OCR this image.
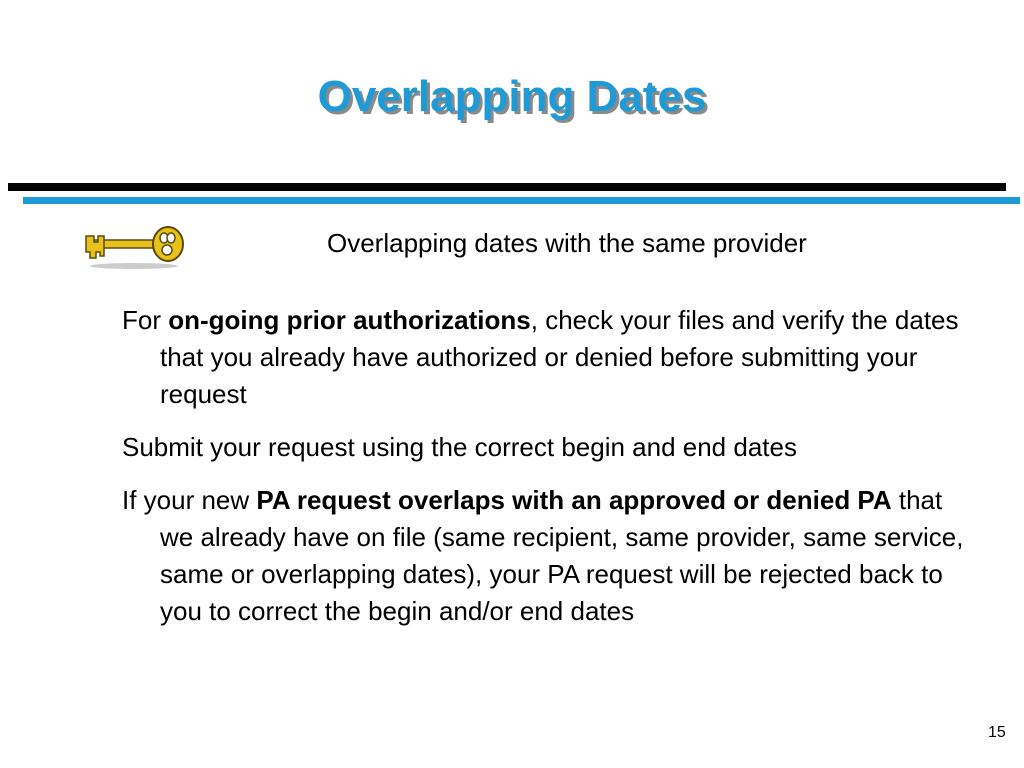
Overlapping Dates
Overlapping dates with the same provider

For on-going prior authorizations, check your files and verify the dates that you already have authorized or denied before submitting your request

Submit your request using the correct begin and end dates

If your new PA request overlaps with an approved or denied PA that we already have on file (same recipient, same provider, same service, same or overlapping dates), your PA request will be rejected back to you to correct the begin and/or end dates

15
